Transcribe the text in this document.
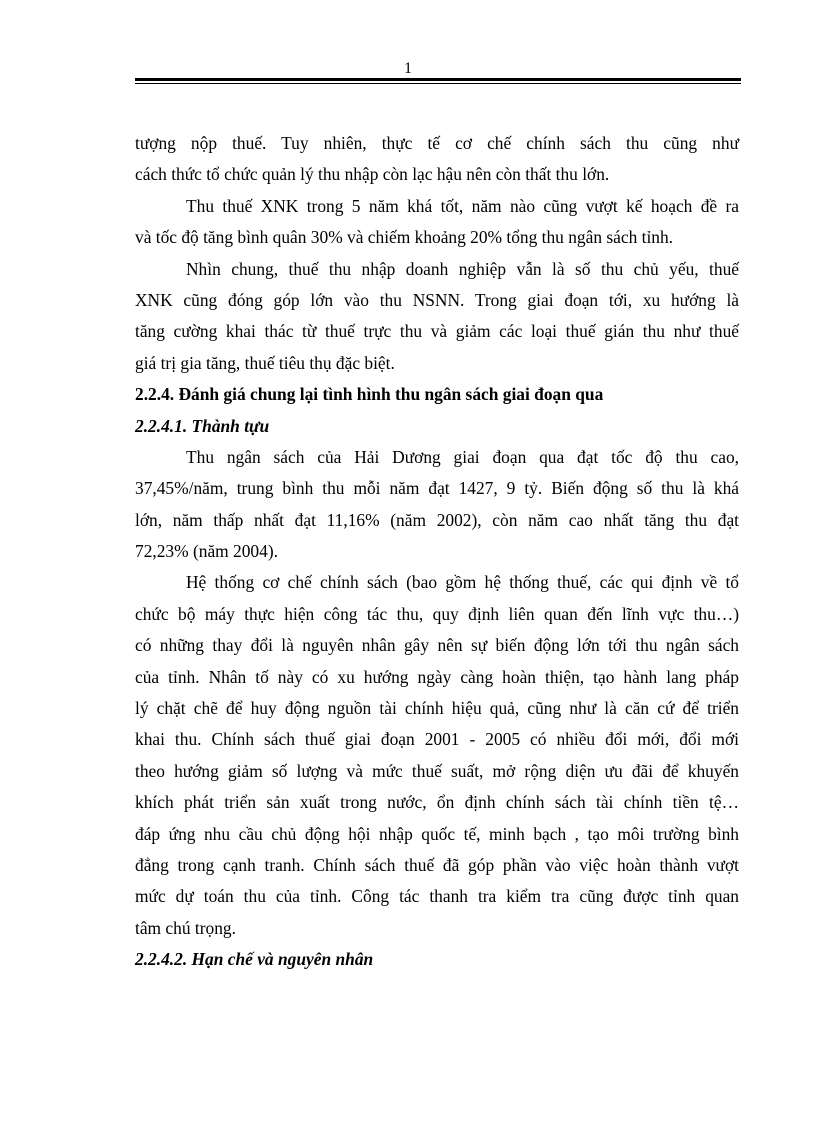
1
tượng nộp thuế. Tuy nhiên, thực tế cơ chế chính sách thu cũng như
cách thức tổ chức quản lý thu nhập còn lạc hậu nên còn thất thu lớn.
Thu thuế XNK trong 5 năm khá tốt, năm nào cũng vượt kế hoạch đề ra
và tốc độ tăng bình quân 30% và chiếm khoảng 20% tổng thu ngân sách tỉnh.
Nhìn chung, thuế thu nhập doanh nghiệp vẫn là số thu chủ yếu, thuế
XNK cũng đóng góp lớn vào thu NSNN. Trong giai đoạn tới, xu hướng là
tăng cường khai thác từ thuế trực thu và giảm các loại thuế gián thu như thuế
giá trị gia tăng, thuế tiêu thụ đặc biệt.
2.2.4. Đánh giá chung lại tình hình thu ngân sách giai đoạn qua
2.2.4.1. Thành tựu
Thu ngân sách của Hải Dương giai đoạn qua đạt tốc độ thu cao,
37,45%/năm, trung bình thu mỗi năm đạt 1427, 9 tỷ. Biến động số thu là khá
lớn, năm thấp nhất đạt 11,16% (năm 2002), còn năm cao nhất tăng thu đạt
72,23% (năm 2004).
Hệ thống cơ chế chính sách (bao gồm hệ thống thuế, các qui định về tổ
chức bộ máy thực hiện công tác thu, quy định liên quan đến lĩnh vực thu…)
có những thay đổi là nguyên nhân gây nên sự biến động lớn tới thu ngân sách
của tỉnh. Nhân tố này có xu hướng ngày càng hoàn thiện, tạo hành lang pháp
lý chặt chẽ để huy động nguồn tài chính hiệu quả, cũng như là căn cứ để triển
khai thu. Chính sách thuế giai đoạn 2001 - 2005 có nhiều đổi mới, đổi mới
theo hướng giảm số lượng và mức thuế suất, mở rộng diện ưu đãi để khuyến
khích phát triển sản xuất trong nước, ổn định chính sách tài chính tiền tệ…
đáp ứng nhu cầu chủ động hội nhập quốc tế, minh bạch , tạo môi trường bình
đẳng trong cạnh tranh. Chính sách thuế đã góp phần vào việc hoàn thành vượt
mức dự toán thu của tỉnh. Công tác thanh tra kiểm tra cũng được tỉnh quan
tâm chú trọng.
2.2.4.2. Hạn chế và nguyên nhân
